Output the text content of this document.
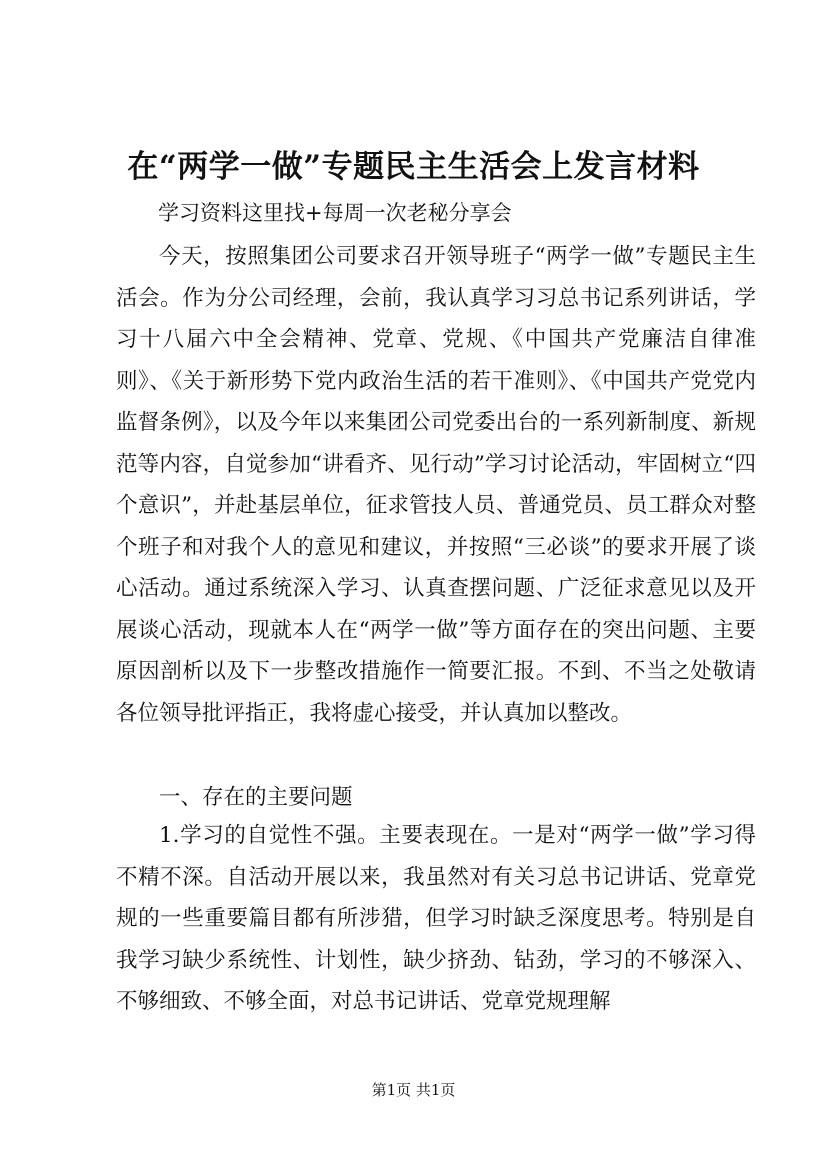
在“两学一做”专题民主生活会上发言材料
学习资料这里找+每周一次老秘分享会
今天，按照集团公司要求召开领导班子“两学一做”专题民主生活会。作为分公司经理，会前，我认真学习习总书记系列讲话，学习十八届六中全会精神、党章、党规、《中国共产党廉洁自律准则》、《关于新形势下党内政治生活的若干准则》、《中国共产党党内监督条例》，以及今年以来集团公司党委出台的一系列新制度、新规范等内容，自觉参加“讲看齐、见行动”学习讨论活动，牢固树立“四个意识”，并赴基层单位，征求管技人员、普通党员、员工群众对整个班子和对我个人的意见和建议，并按照“三必谈”的要求开展了谈心活动。通过系统深入学习、认真查摆问题、广泛征求意见以及开展谈心活动，现就本人在“两学一做”等方面存在的突出问题、主要原因剖析以及下一步整改措施作一简要汇报。不到、不当之处敬请各位领导批评指正，我将虚心接受，并认真加以整改。
一、存在的主要问题
1.学习的自觉性不强。主要表现在。一是对“两学一做”学习得不精不深。自活动开展以来，我虽然对有关习总书记讲话、党章党规的一些重要篇目都有所涉猎，但学习时缺乏深度思考。特别是自我学习缺少系统性、计划性，缺少挤劲、钻劲，学习的不够深入、不够细致、不够全面，对总书记讲话、党章党规理解
第1页 共1页
